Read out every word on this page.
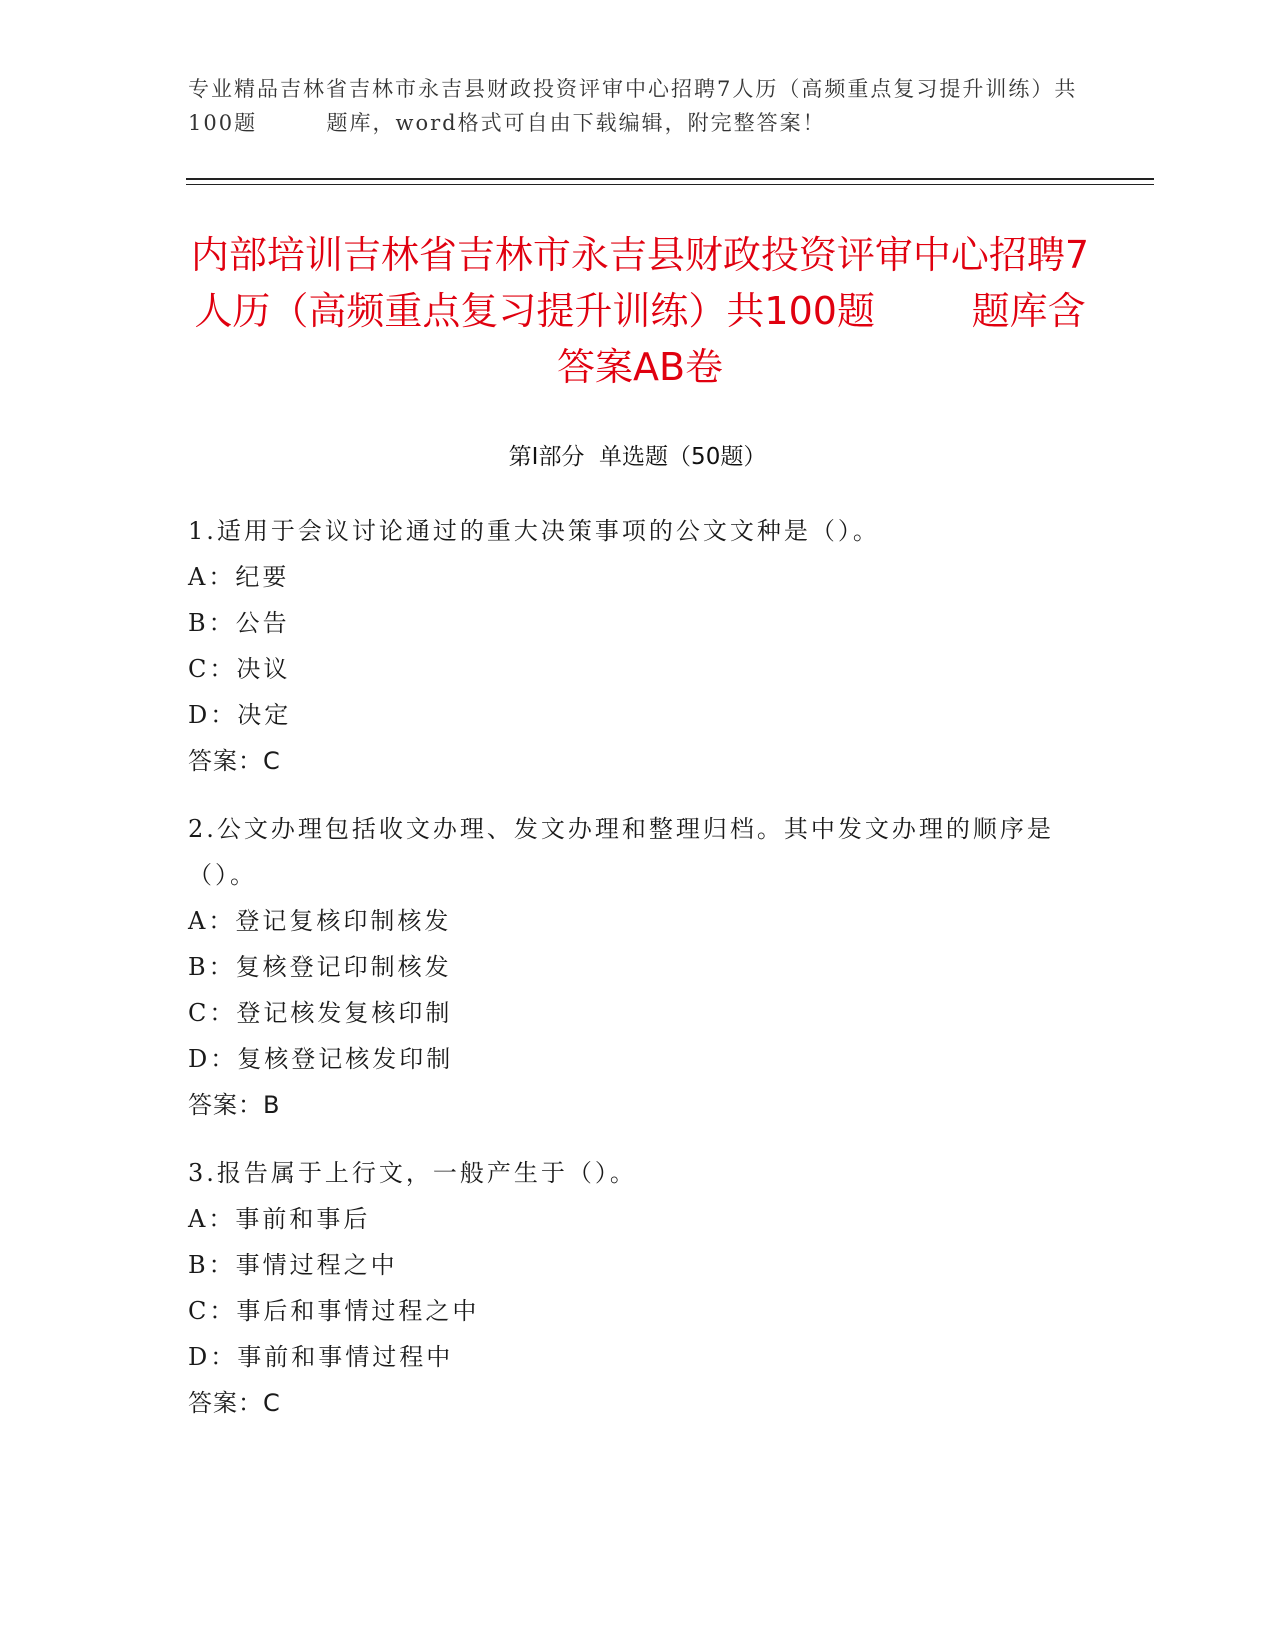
专业精品吉林省吉林市永吉县财政投资评审中心招聘7人历（高频重点复习提升训练）共100题        题库，word格式可自由下载编辑，附完整答案！
内部培训吉林省吉林市永吉县财政投资评审中心招聘7人历（高频重点复习提升训练）共100题        题库含答案AB卷
第I部分  单选题（50题）

1.适用于会议讨论通过的重大决策事项的公文文种是（）。

A：纪要

B：公告

C：决议

D：决定

答案：C

2.公文办理包括收文办理、发文办理和整理归档。其中发文办理的顺序是（）。

A：登记复核印制核发

B：复核登记印制核发

C：登记核发复核印制

D：复核登记核发印制

答案：B

3.报告属于上行文，一般产生于（）。

A：事前和事后

B：事情过程之中

C：事后和事情过程之中

D：事前和事情过程中

答案：C
